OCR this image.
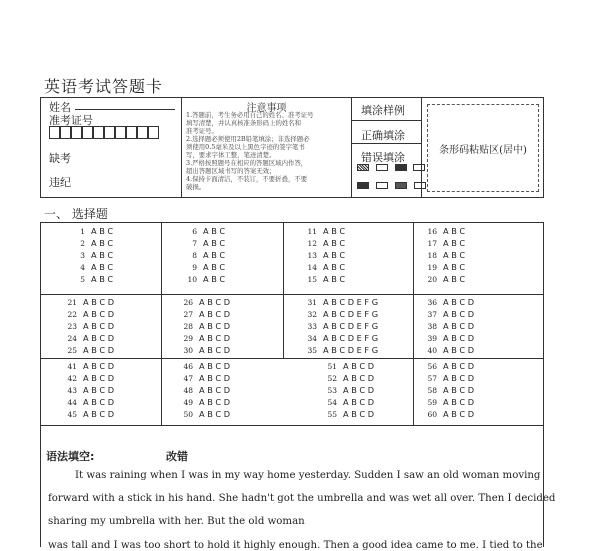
英语考试答题卡
姓名
准考证号
缺考
违纪
注意事项
1.答题前，考生务必用自己的姓名、准考证号
填写清楚，并认真核准条形码上的姓名和
准考证号。
2.选择题必须使用2B铅笔填涂；非选择题必
须使用0.5毫米及以上黑色字迹的签字笔书
写，要求字体工整，笔迹清楚。
3.严格按照题号在相应的答题区域内作答，
超出答题区域书写的答案无效；
4.保持卡面清洁，不装订，不要折叠，不要
破损。
填涂样例
正确填涂
错误填涂

条形码粘贴区(居中)
一、 选择题
1 A B C
2 A B C
3 A B C
4 A B C
5 A B C
6 A B C
7 A B C
8 A B C
9 A B C
10 A B C
11 A B C
12 A B C
13 A B C
14 A B C
15 A B C
16 A B C
17 A B C
18 A B C
19 A B C
20 A B C
21 A B C D
22 A B C D
23 A B C D
24 A B C D
25 A B C D
26 A B C D
27 A B C D
28 A B C D
29 A B C D
30 A B C D
31 A B C D E F G
32 A B C D E F G
33 A B C D E F G
34 A B C D E F G
35 A B C D E F G
36 A B C D
37 A B C D
38 A B C D
39 A B C D
40 A B C D
41 A B C D
42 A B C D
43 A B C D
44 A B C D
45 A B C D
46 A B C D
47 A B C D
48 A B C D
49 A B C D
50 A B C D
51 A B C D
52 A B C D
53 A B C D
54 A B C D
55 A B C D
56 A B C D
57 A B C D
58 A B C D
59 A B C D
60 A B C D
语法填空:	改错
It was raining when I was in my way home yesterday. Sudden I saw an old woman moving
forward with a stick in his hand. She hadn't got the umbrella and was wet all over. Then I decided
sharing my umbrella with her. But the old woman
was tall and I was too short to hold it highly enough. Then a good idea came to me. I tied to the
